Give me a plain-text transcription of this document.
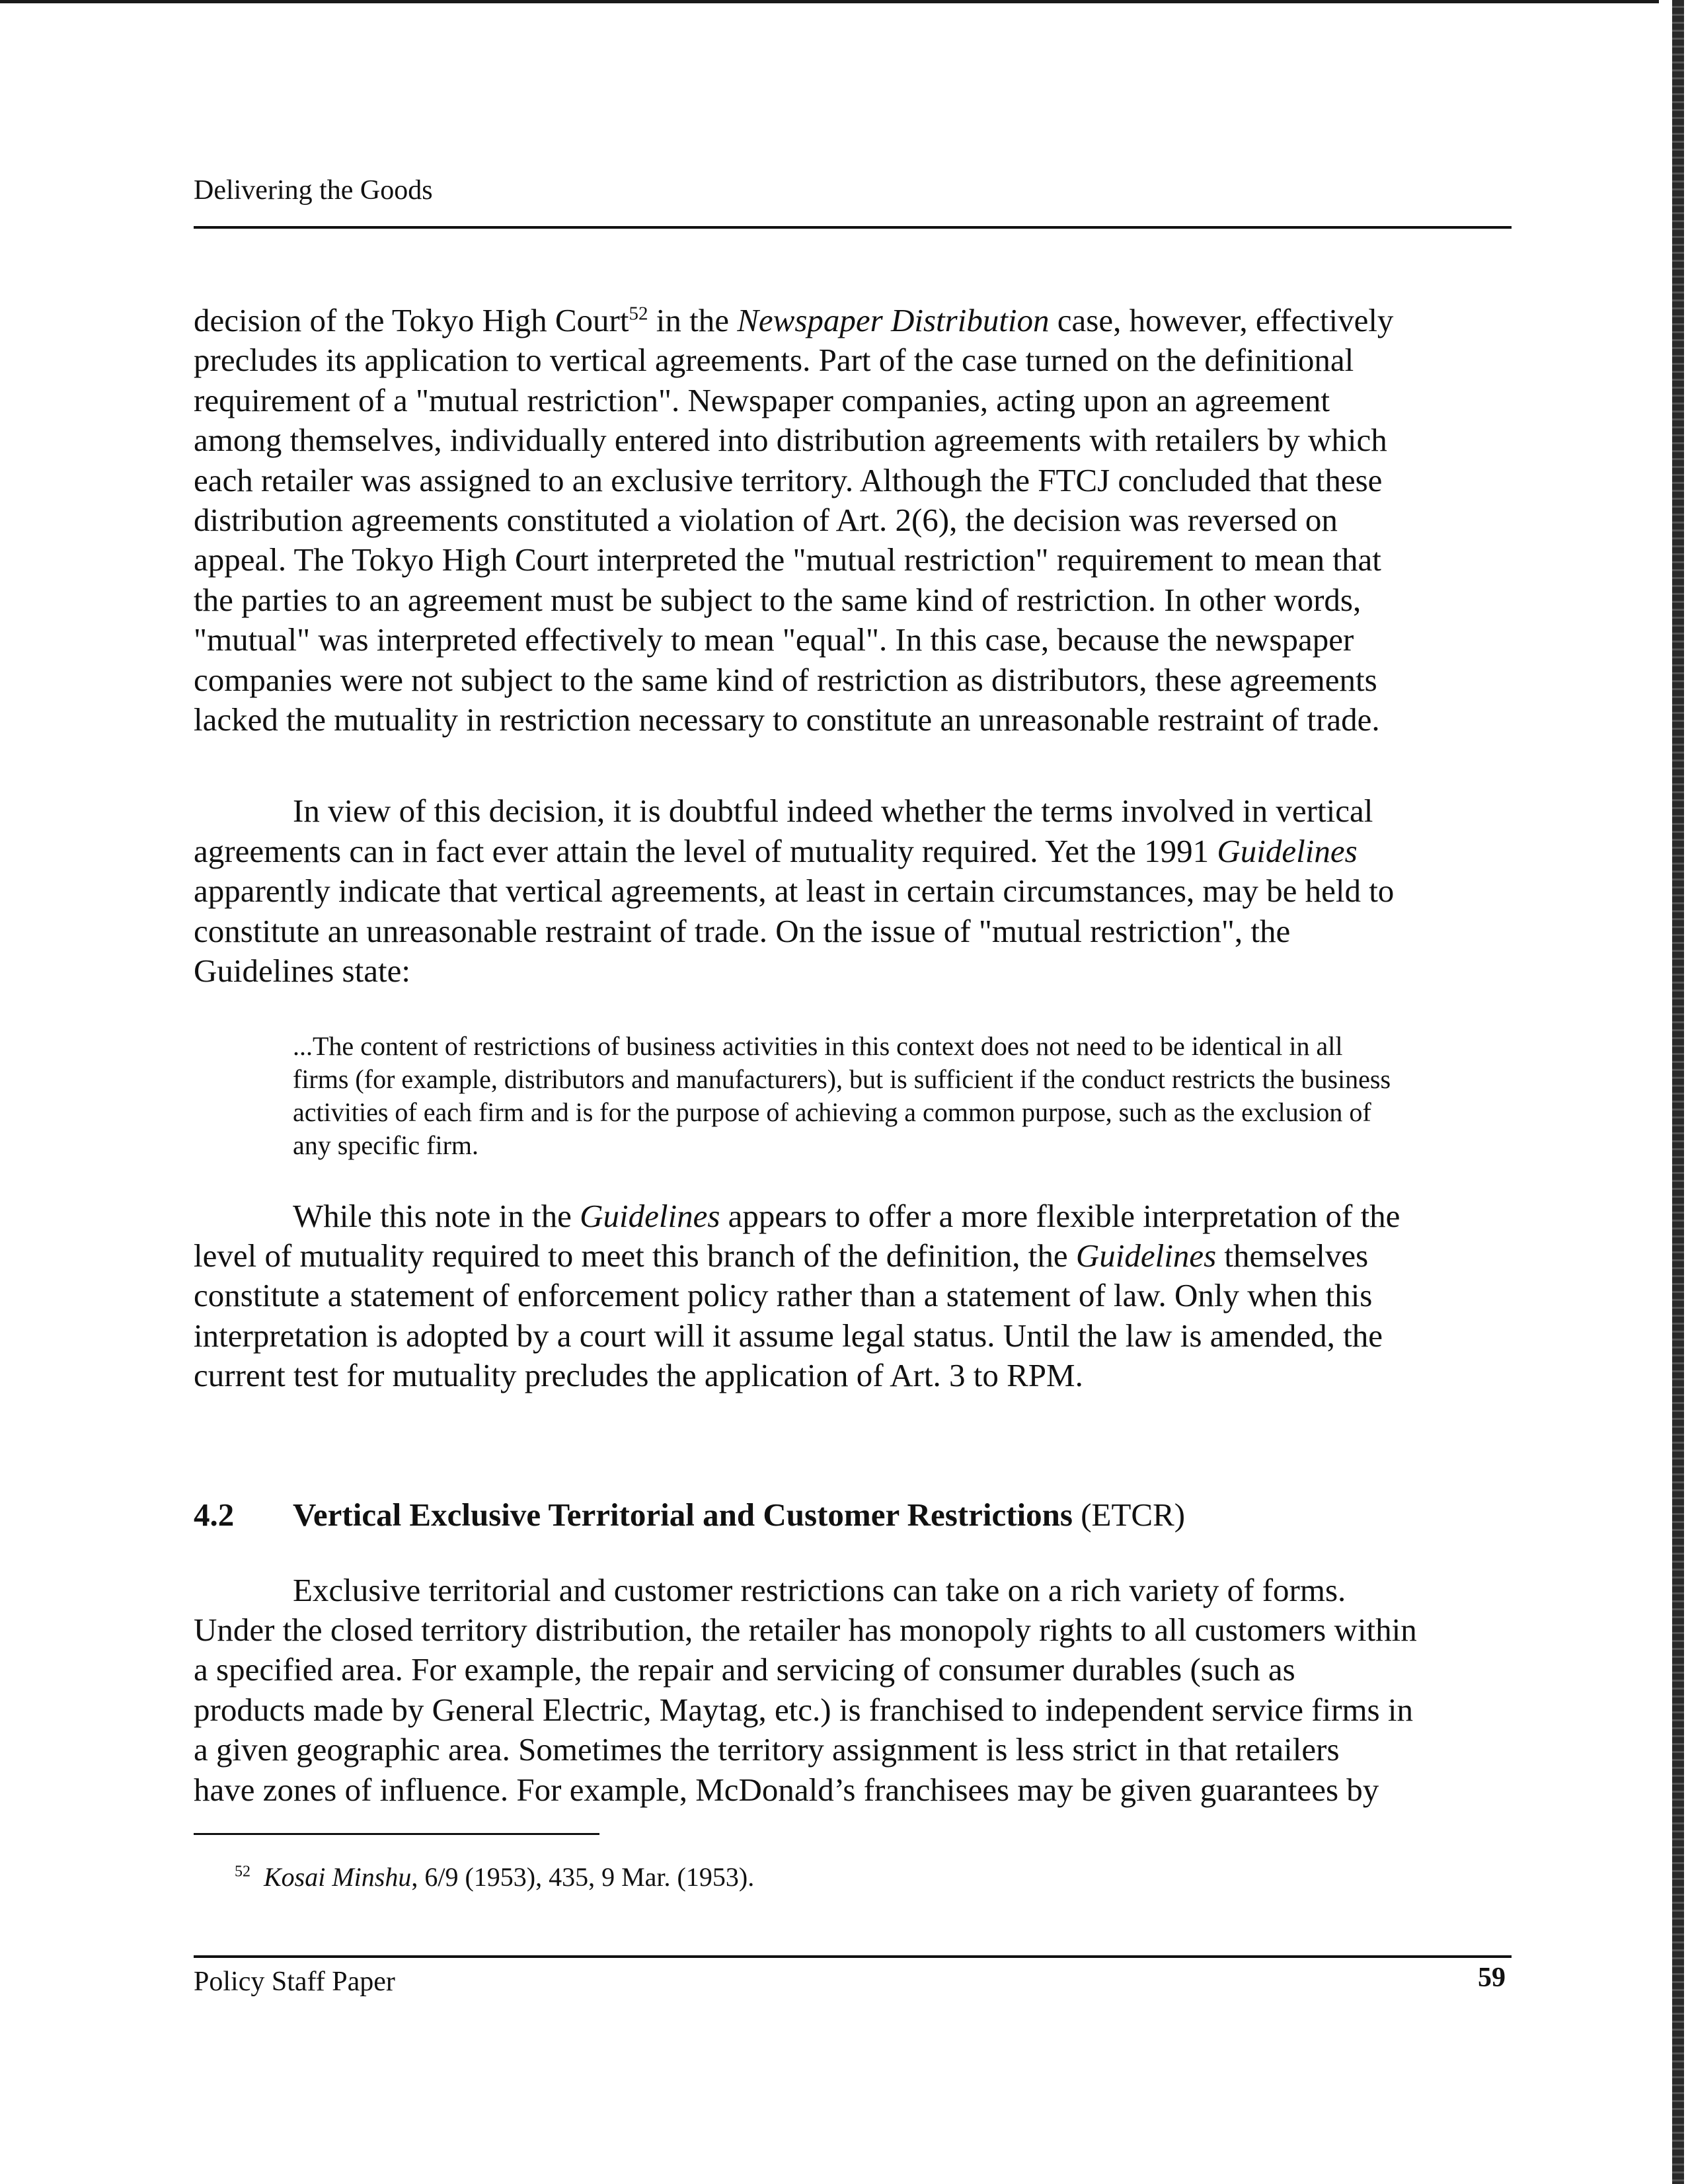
Delivering the Goods

decision of the Tokyo High Court$^{52}$ in the Newspaper Distribution case, however, effectively
precludes its application to vertical agreements. Part of the case turned on the definitional
requirement of a "mutual restriction". Newspaper companies, acting upon an agreement
among themselves, individually entered into distribution agreements with retailers by which
each retailer was assigned to an exclusive territory. Although the FTCJ concluded that these
distribution agreements constituted a violation of Art. 2(6), the decision was reversed on
appeal. The Tokyo High Court interpreted the "mutual restriction" requirement to mean that
the parties to an agreement must be subject to the same kind of restriction. In other words,
"mutual" was interpreted effectively to mean "equal". In this case, because the newspaper
companies were not subject to the same kind of restriction as distributors, these agreements
lacked the mutuality in restriction necessary to constitute an unreasonable restraint of trade.

In view of this decision, it is doubtful indeed whether the terms involved in vertical
agreements can in fact ever attain the level of mutuality required. Yet the 1991 Guidelines
apparently indicate that vertical agreements, at least in certain circumstances, may be held to
constitute an unreasonable restraint of trade. On the issue of "mutual restriction", the
Guidelines state:

...The content of restrictions of business activities in this context does not need to be identical in all
firms (for example, distributors and manufacturers), but is sufficient if the conduct restricts the business
activities of each firm and is for the purpose of achieving a common purpose, such as the exclusion of
any specific firm.

While this note in the Guidelines appears to offer a more flexible interpretation of the
level of mutuality required to meet this branch of the definition, the Guidelines themselves
constitute a statement of enforcement policy rather than a statement of law. Only when this
interpretation is adopted by a court will it assume legal status. Until the law is amended, the
current test for mutuality precludes the application of Art. 3 to RPM.

4.2 Vertical Exclusive Territorial and Customer Restrictions (ETCR)

Exclusive territorial and customer restrictions can take on a rich variety of forms.
Under the closed territory distribution, the retailer has monopoly rights to all customers within
a specified area. For example, the repair and servicing of consumer durables (such as
products made by General Electric, Maytag, etc.) is franchised to independent service firms in
a given geographic area. Sometimes the territory assignment is less strict in that retailers
have zones of influence. For example, McDonald’s franchisees may be given guarantees by

$^{52}$ Kosai Minshu, 6/9 (1953), 435, 9 Mar. (1953).
Policy Staff Paper	59
